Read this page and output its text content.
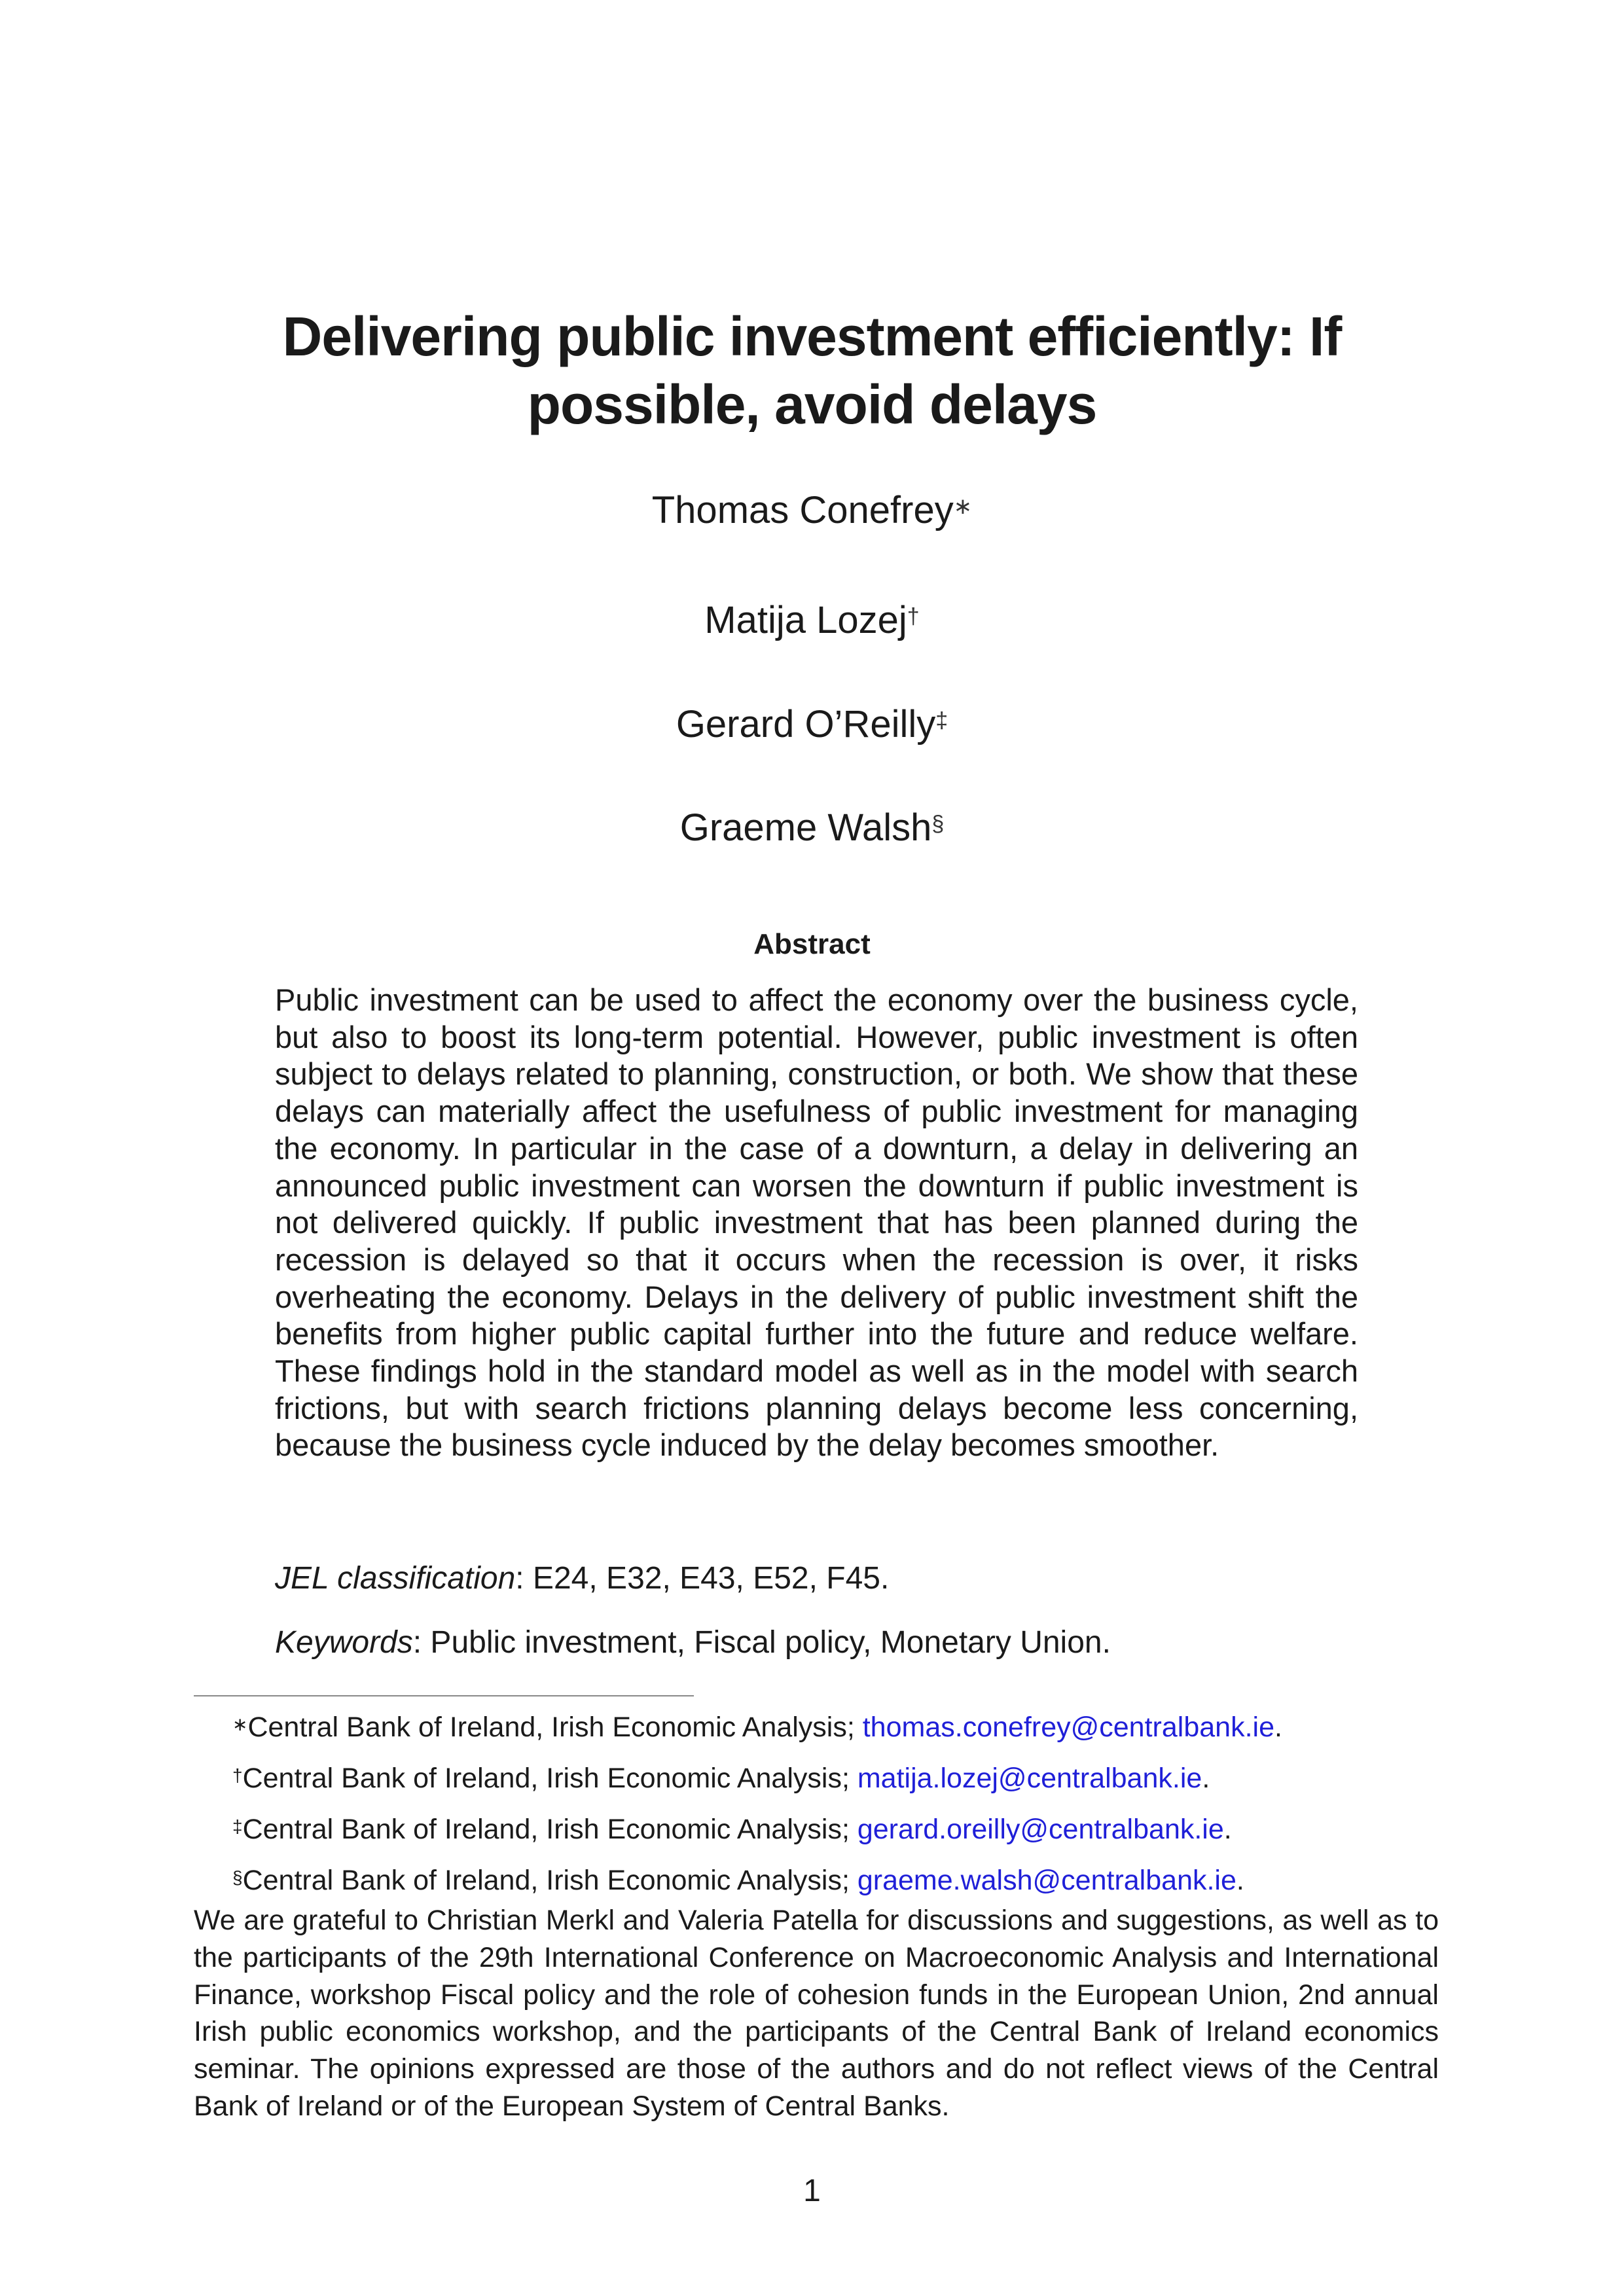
Delivering public investment efficiently: If possible, avoid delays
Thomas Conefrey∗
Matija Lozej†
Gerard O’Reilly‡
Graeme Walsh§
Abstract
Public investment can be used to affect the economy over the business cycle, but also to boost its long-term potential. However, public investment is often subject to delays related to planning, construction, or both. We show that these delays can materially affect the usefulness of public investment for managing the economy. In particular in the case of a downturn, a delay in delivering an announced public investment can worsen the downturn if public investment is not delivered quickly. If public investment that has been planned during the recession is delayed so that it occurs when the recession is over, it risks overheating the economy. Delays in the delivery of public investment shift the benefits from higher public capital further into the future and reduce welfare. These findings hold in the standard model as well as in the model with search frictions, but with search frictions planning delays become less concerning, because the business cycle induced by the delay becomes smoother.
JEL classification: E24, E32, E43, E52, F45.
Keywords: Public investment, Fiscal policy, Monetary Union.
∗Central Bank of Ireland, Irish Economic Analysis; thomas.conefrey@centralbank.ie.
†Central Bank of Ireland, Irish Economic Analysis; matija.lozej@centralbank.ie.
‡Central Bank of Ireland, Irish Economic Analysis; gerard.oreilly@centralbank.ie.
§Central Bank of Ireland, Irish Economic Analysis; graeme.walsh@centralbank.ie.
We are grateful to Christian Merkl and Valeria Patella for discussions and suggestions, as well as to the participants of the 29th International Conference on Macroeconomic Analysis and International Finance, workshop Fiscal policy and the role of cohesion funds in the European Union, 2nd annual Irish public economics workshop, and the participants of the Central Bank of Ireland economics seminar. The opinions expressed are those of the authors and do not reflect views of the Central Bank of Ireland or of the European System of Central Banks.
1
